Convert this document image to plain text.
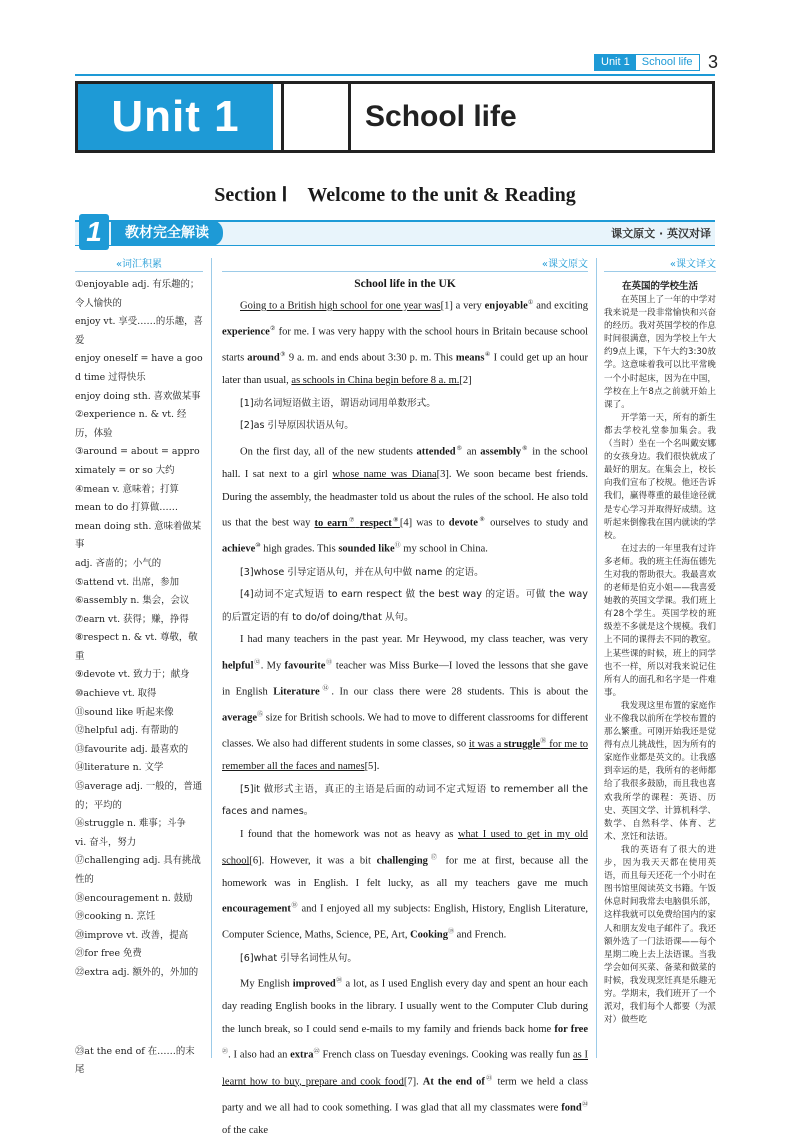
Unit 1	School life 3
Unit 1	School life
Section Ⅰ　Welcome to the unit & Reading
1	教材完全解读	课文原文 · 英汉对译
«词汇积累
①enjoyable adj. 有乐趣的；令人愉快的
enjoy vt. 享受……的乐趣，喜爱
enjoy oneself = have a good time 过得快乐
enjoy doing sth. 喜欢做某事
②experience n. & vt. 经历，体验
③around = about = approximately = or so 大约
④mean v. 意味着；打算
mean to do 打算做……
mean doing sth. 意味着做某事
adj. 吝啬的；小气的
⑤attend vt. 出席，参加
⑥assembly n. 集会，会议
⑦earn vt. 获得；赚，挣得
⑧respect n. & vt. 尊敬，敬重
⑨devote vt. 致力于；献身
⑩achieve vt. 取得
⑪sound like 听起来像
⑫helpful adj. 有帮助的
⑬favourite adj. 最喜欢的
⑭literature n. 文学
⑮average adj. 一般的，普通的；平均的
⑯struggle n. 难事；斗争
vi. 奋斗，努力
⑰challenging adj. 具有挑战性的
⑱encouragement n. 鼓励
⑲cooking n. 烹饪
⑳improve vt. 改善，提高
㉑for free 免费
㉒extra adj. 额外的，外加的
㉓at the end of 在……的末尾
«课文原文
School life in the UK

Going to a British high school for one year was[1] a very enjoyable① and exciting experience② for me. I was very happy with the school hours in Britain because school starts around③ 9 a. m. and ends about 3:30 p. m. This means④ I could get up an hour later than usual, as schools in China begin before 8 a. m.[2]

[1]动名词短语做主语，谓语动词用单数形式。

[2]as 引导原因状语从句。

On the first day, all of the new students attended⑤ an assembly⑥ in the school hall. I sat next to a girl whose name was Diana[3]. We soon became best friends. During the assembly, the headmaster told us about the rules of the school. He also told us that the best way to earn⑦ respect⑧[4] was to devote⑨ ourselves to study and achieve⑩ high grades. This sounded like⑪ my school in China.

[3]whose 引导定语从句，并在从句中做 name 的定语。

[4]动词不定式短语 to earn respect 做 the best way 的定语。可做 the way 的后置定语的有 to do/of doing/that 从句。

I had many teachers in the past year. Mr Heywood, my class teacher, was very helpful⑫. My favourite⑬ teacher was Miss Burke—I loved the lessons that she gave in English Literature⑭. In our class there were 28 students. This is about the average⑮ size for British schools. We had to move to different classrooms for different classes. We also had different students in some classes, so it was a struggle⑯ for me to remember all the faces and names[5].

[5]it 做形式主语，真正的主语是后面的动词不定式短语 to remember all the faces and names。

I found that the homework was not as heavy as what I used to get in my old school[6]. However, it was a bit challenging⑰ for me at first, because all the homework was in English. I felt lucky, as all my teachers gave me much encouragement⑱ and I enjoyed all my subjects: English, History, English Literature, Computer Science, Maths, Science, PE, Art, Cooking⑲ and French.

[6]what 引导名词性从句。

My English improved⑳ a lot, as I used English every day and spent an hour each day reading English books in the library. I usually went to the Computer Club during the lunch break, so I could send e-mails to my family and friends back home for free$^㉑$. I also had an extra$^㉒$ French class on Tuesday evenings. Cooking was really fun as I learnt how to buy, prepare and cook food[7]. At the end $of^㉓$ term we held a class party and we all had to cook something. I was glad that all my classmates were fond$^㉔$ of the cake

«课文译文
在英国的学校生活

在英国上了一年的中学对我来说是一段非常愉快和兴奋的经历。我对英国学校的作息时间很满意，因为学校上午大约9点上课，下午大约3:30放学。这意味着我可以比平常晚一个小时起床，因为在中国，学校在上午8点之前就开始上课了。

开学第一天，所有的新生都去学校礼堂参加集会。我（当时）坐在一个名叫戴安娜的女孩身边。我们很快就成了最好的朋友。在集会上，校长向我们宣布了校规。他还告诉我们，赢得尊重的最佳途径就是专心学习并取得好成绩。这听起来倒像我在国内就读的学校。

在过去的一年里我有过许多老师。我的班主任海伍德先生对我的帮助很大。我最喜欢的老师是伯克小姐——我喜爱她教的英国文学课。我们班上有28个学生。英国学校的班级差不多就是这个规模。我们上不同的课得去不同的教室。上某些课的时候，班上的同学也不一样，所以对我来说记住所有人的面孔和名字是一件难事。

我发现这里布置的家庭作业不像我以前所在学校布置的那么繁重。可刚开始我还是觉得有点儿挑战性，因为所有的家庭作业都是英文的。让我感到幸运的是，我所有的老师都给了我很多鼓励，而且我也喜欢我所学的课程：英语、历史、英国文学、计算机科学、数学、自然科学、体育、艺术、烹饪和法语。

我的英语有了很大的进步，因为我天天都在使用英语，而且每天还花一个小时在图书馆里阅读英文书籍。午饭休息时间我常去电脑俱乐部，这样我就可以免费给国内的家人和朋友发电子邮件了。我还额外选了一门法语课——每个星期二晚上去上法语课。当我学会如何买菜、备菜和做菜的时候，我发现烹饪真是乐趣无穷。学期末，我们班开了一个派对，我们每个人都要（为派对）做些吃
